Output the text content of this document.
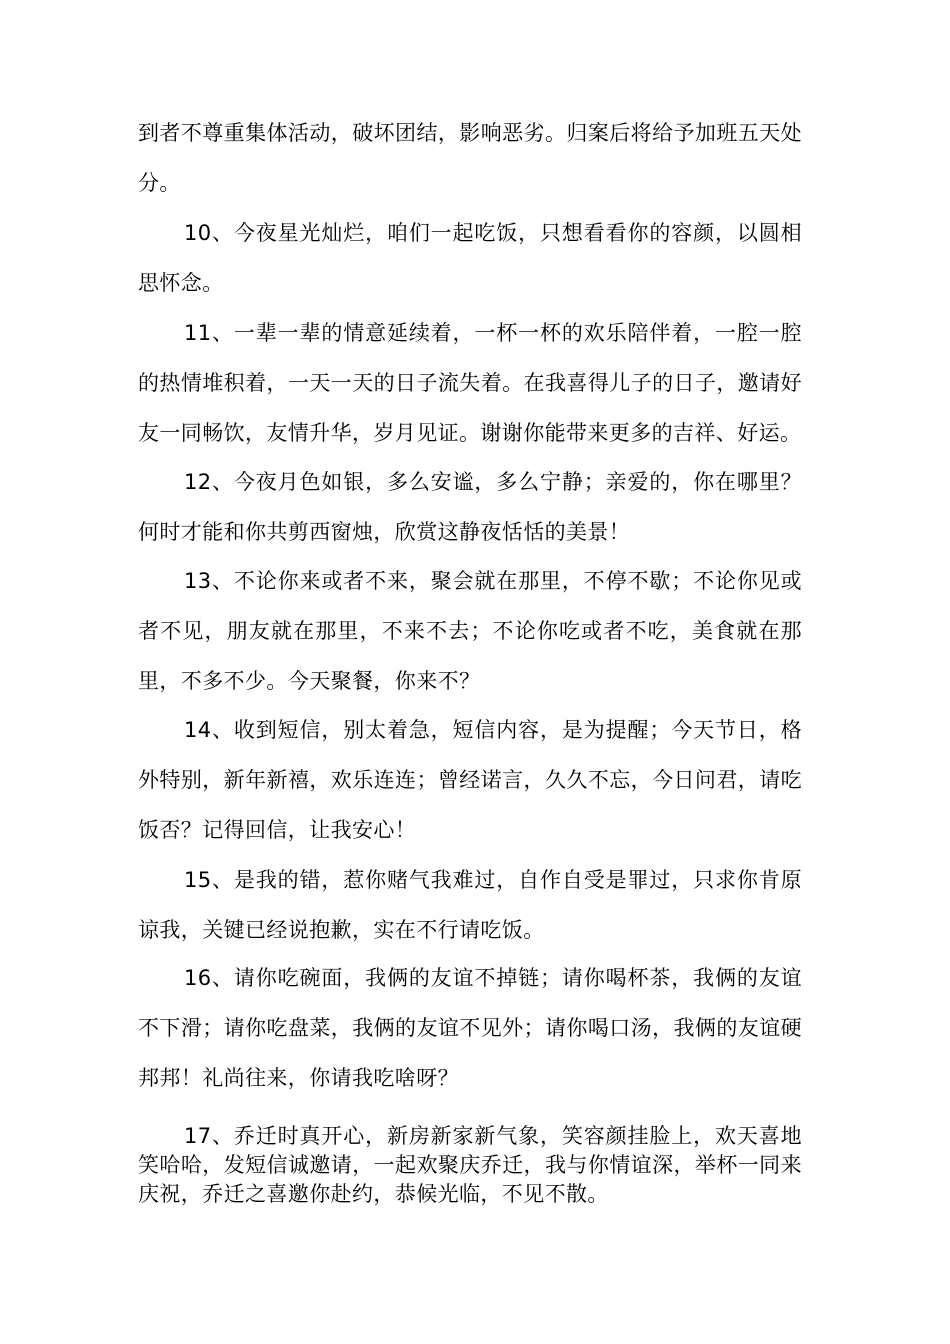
到者不尊重集体活动，破坏团结，影响恶劣。归案后将给予加班五天处分。

10、今夜星光灿烂，咱们一起吃饭，只想看看你的容颜，以圆相思怀念。

11、一辈一辈的情意延续着，一杯一杯的欢乐陪伴着，一腔一腔的热情堆积着，一天一天的日子流失着。在我喜得儿子的日子，邀请好友一同畅饮，友情升华，岁月见证。谢谢你能带来更多的吉祥、好运。

12、今夜月色如银，多么安谧，多么宁静；亲爱的，你在哪里？何时才能和你共剪西窗烛，欣赏这静夜恬恬的美景！

13、不论你来或者不来，聚会就在那里，不停不歇；不论你见或者不见，朋友就在那里，不来不去；不论你吃或者不吃，美食就在那里，不多不少。今天聚餐，你来不？

14、收到短信，别太着急，短信内容，是为提醒；今天节日，格外特别，新年新禧，欢乐连连；曾经诺言，久久不忘，今日问君，请吃饭否？记得回信，让我安心！

15、是我的错，惹你赌气我难过，自作自受是罪过，只求你肯原谅我，关键已经说抱歉，实在不行请吃饭。

16、请你吃碗面，我俩的友谊不掉链；请你喝杯茶，我俩的友谊不下滑；请你吃盘菜，我俩的友谊不见外；请你喝口汤，我俩的友谊硬邦邦！礼尚往来，你请我吃啥呀？

17、乔迁时真开心，新房新家新气象，笑容颜挂脸上，欢天喜地笑哈哈，发短信诚邀请，一起欢聚庆乔迁，我与你情谊深，举杯一同来庆祝，乔迁之喜邀你赴约，恭候光临，不见不散。
